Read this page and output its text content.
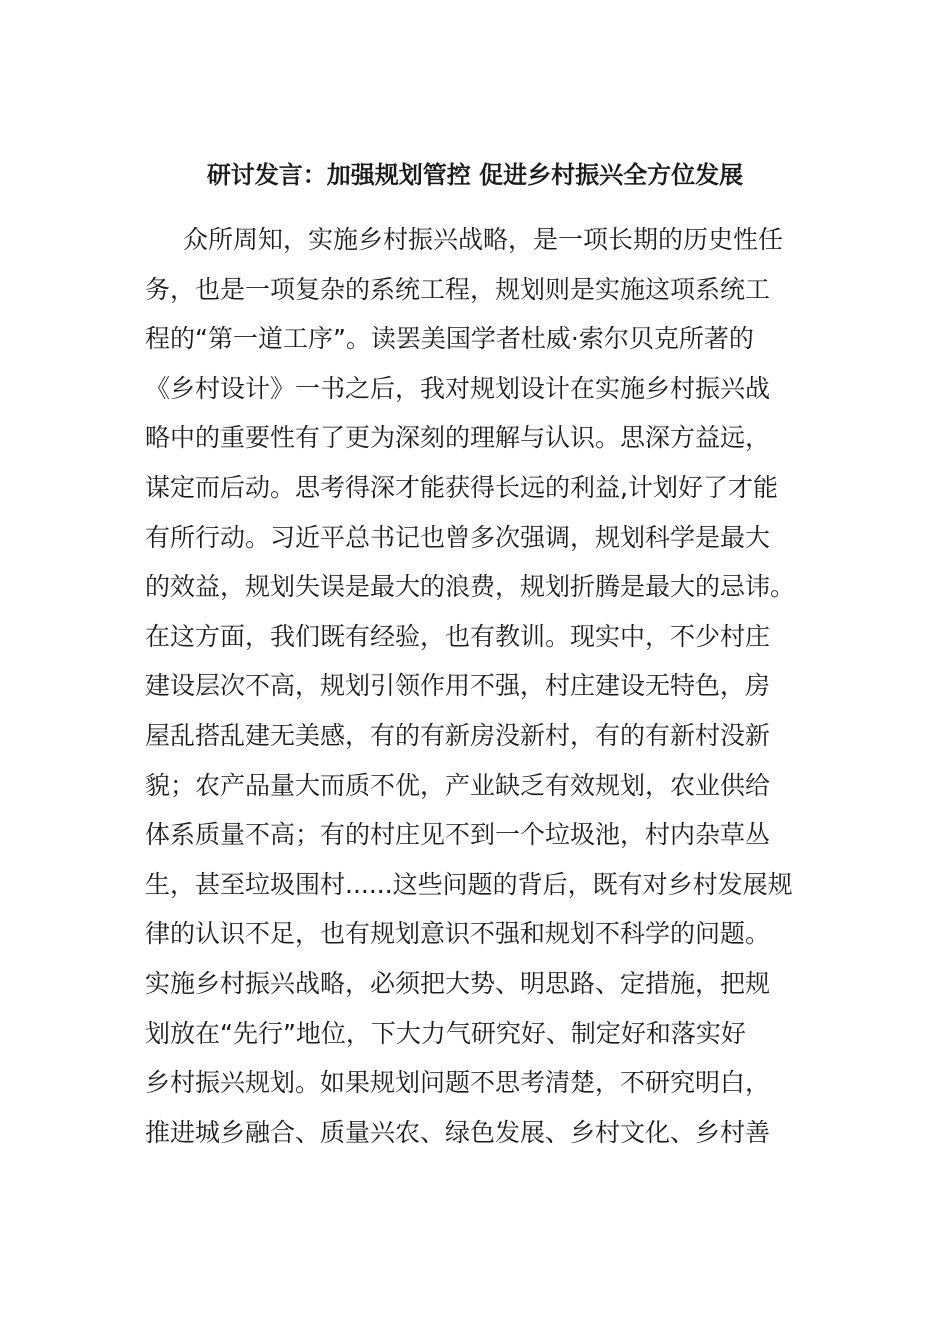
研讨发言：加强规划管控 促进乡村振兴全方位发展
众所周知，实施乡村振兴战略，是一项长期的历史性任
务，也是一项复杂的系统工程，规划则是实施这项系统工
程的“第一道工序”。读罢美国学者杜威·索尔贝克所著的
《乡村设计》一书之后，我对规划设计在实施乡村振兴战
略中的重要性有了更为深刻的理解与认识。思深方益远，
谋定而后动。思考得深才能获得长远的利益,计划好了才能
有所行动。习近平总书记也曾多次强调，规划科学是最大
的效益，规划失误是最大的浪费，规划折腾是最大的忌讳。
在这方面，我们既有经验，也有教训。现实中，不少村庄
建设层次不高，规划引领作用不强，村庄建设无特色，房
屋乱搭乱建无美感，有的有新房没新村，有的有新村没新
貌；农产品量大而质不优，产业缺乏有效规划，农业供给
体系质量不高；有的村庄见不到一个垃圾池，村内杂草丛
生，甚至垃圾围村......这些问题的背后，既有对乡村发展规
律的认识不足，也有规划意识不强和规划不科学的问题。
实施乡村振兴战略，必须把大势、明思路、定措施，把规
划放在“先行”地位，下大力气研究好、制定好和落实好
乡村振兴规划。如果规划问题不思考清楚，不研究明白，
推进城乡融合、质量兴农、绿色发展、乡村文化、乡村善
